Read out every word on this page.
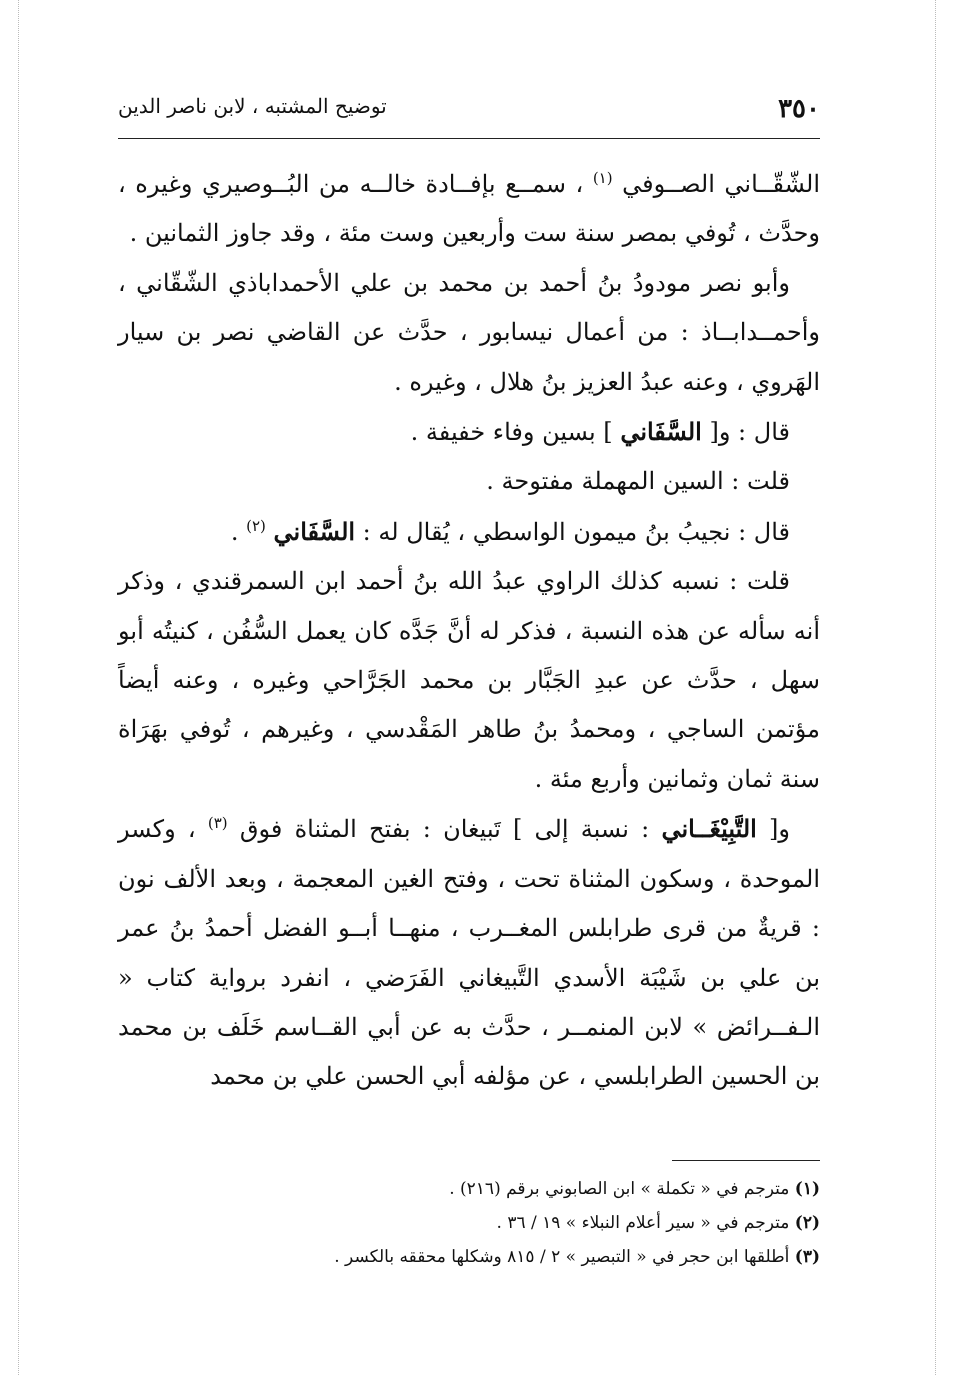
٣٥٠
توضيح المشتبه ، لابن ناصر الدين

الشّقّــاني الصــوفي $^{(١)}$ ، سمــع بإفــادة خالــه من البُــوصيري وغيره ، وحدَّث ، تُوفي بمصر سنة ست وأربعين وست مئة ، وقد جاوز الثمانين .

وأبو نصر مودودُ بنُ أحمد بن محمد بن علي الأحمداباذي الشّقّاني ، وأحمــدابــاذ : من أعمال نيسابور ، حدَّث عن القاضي نصر بن سيار الهَروي ، وعنه عبدُ العزيز بنُ هلال ، وغيره .

قال : و[ السَّفَاني ] بسين وفاء خفيفة .

قلت : السين المهملة مفتوحة .

قال : نجيبُ بنُ ميمون الواسطي ، يُقال له : السَّفَاني $^{(٢)}$ .

قلت : نسبه كذلك الراوي عبدُ الله بنُ أحمد ابن السمرقندي ، وذكر أنه سأله عن هذه النسبة ، فذكر له أنَّ جَدَّه كان يعمل السُّفُن ، كنيتُه أبو سهل ، حدَّث عن عبدِ الجَبَّار بن محمد الجَرَّاحي وغيره ، وعنه أيضاً مؤتمن الساجي ، ومحمدُ بنُ طاهر المَقْدسي ، وغيرهم ، تُوفي بهَرَاة سنة ثمان وثمانين وأربع مئة .

و[ التَّبِيْغَــاني : نسبة إلى ] تَبيغان : بفتح المثناة فوق $^{(٣)}$ ، وكسر الموحدة ، وسكون المثناة تحت ، وفتح الغين المعجمة ، وبعد الألف نون : قريةٌ من قرى طرابلس المغــرب ، منهــا أبــو الفضل أحمدُ بنُ عمر بن علي بن شَيْبَة الأسدي التَّبيغاني الفَرَضي ، انفرد برواية كتاب « الـفــرائض » لابن المنمــر ، حدَّث به عن أبي القــاسم خَلَف بن محمد بن الحسين الطرابلسي ، عن مؤلفه أبي الحسن علي بن محمد

(١) مترجم في « تكملة » ابن الصابوني برقم (٢١٦) .

(٢) مترجم في « سير أعلام النبلاء » ١٩ / ٣٦ .

(٣) أطلقها ابن حجر في « التبصير » ٢ / ٨١٥ وشكلها محققه بالكسر .
